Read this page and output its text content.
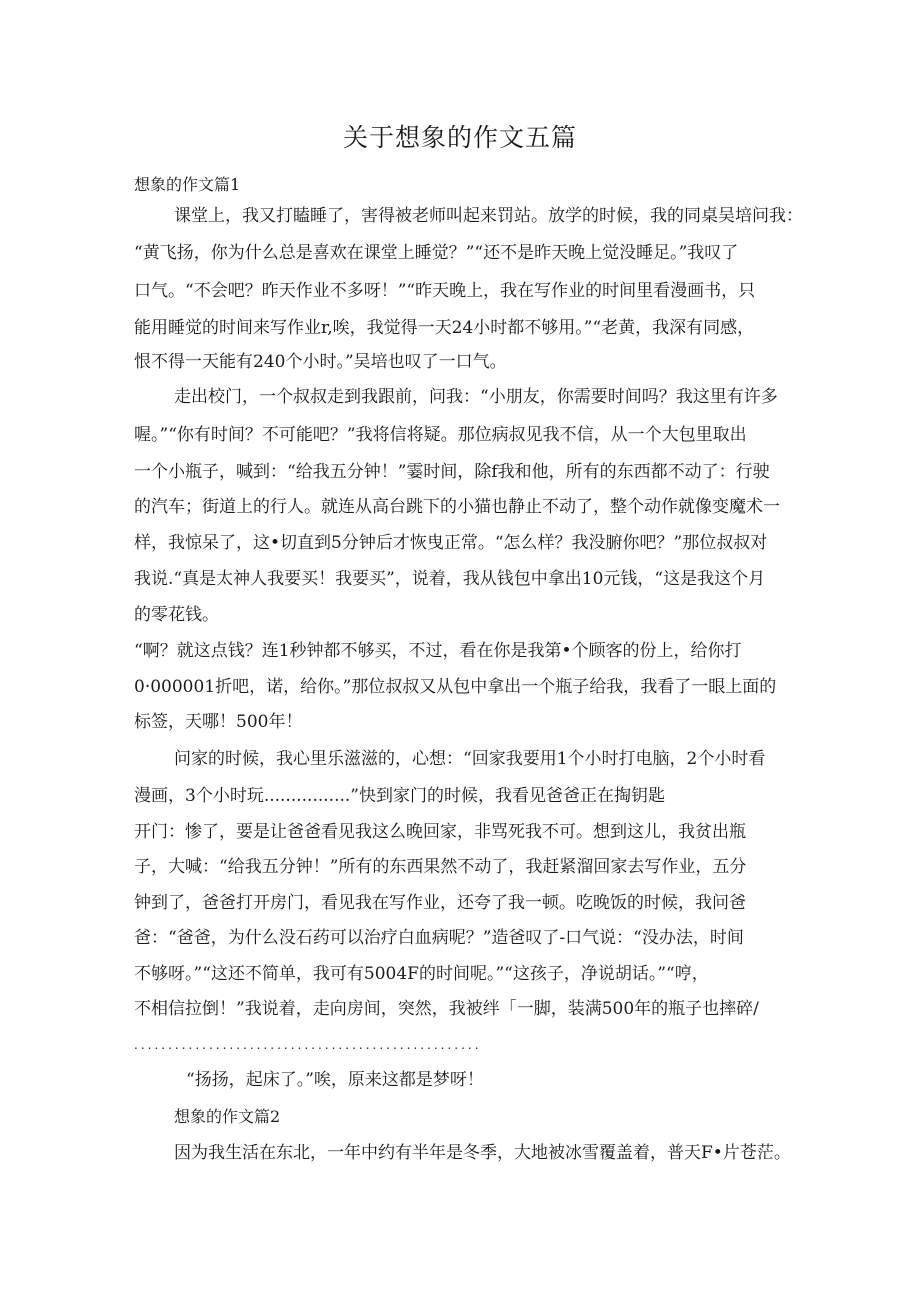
关于想象的作文五篇

想象的作文篇1

课堂上，我又打瞌睡了，害得被老师叫起来罚站。放学的时候，我的同桌吴培问我：

“黄飞扬，你为什么总是喜欢在课堂上睡觉？”“还不是昨天晚上觉没睡足。”我叹了

口气。“不会吧？昨天作业不多呀！”“昨天晚上，我在写作业的时间里看漫画书，只

能用睡觉的时间来写作业r,唉，我觉得一天24小时都不够用。”“老黄，我深有同感，

恨不得一天能有240个小时。”吴培也叹了一口气。

走出校门，一个叔叔走到我跟前，问我：“小朋友，你需要时间吗？我这里有许多

喔。”“你有时间？不可能吧？”我将信将疑。那位病叔见我不信，从一个大包里取出

一个小瓶子，喊到：“给我五分钟！”霎时间，除f我和他，所有的东西都不动了：行驶

的汽车；街道上的行人。就连从高台跳下的小猫也静止不动了，整个动作就像变魔术一

样，我惊呆了，这•切直到5分钟后才恢曳正常。“怎么样？我没腑你吧？”那位叔叔对

我说.“真是太神人我要买！我要买”，说着，我从钱包中拿出10元钱，“这是我这个月

的零花钱。

“啊？就这点钱？连1秒钟都不够买，不过，看在你是我第•个顾客的份上，给你打

0·000001折吧，诺，给你。”那位叔叔又从包中拿出一个瓶子给我，我看了一眼上面的

标签，天哪！500年！

问家的时候，我心里乐滋滋的，心想：“回家我要用1个小时打电脑，2个小时看

漫画，3个小时玩................”快到家门的时候，我看见爸爸正在掏钥匙

开门：惨了，要是让爸爸看见我这么晚回家，非骂死我不可。想到这儿，我贫出瓶

子，大喊：“给我五分钟！”所有的东西果然不动了，我赶紧溜回家去写作业，五分

钟到了，爸爸打开房门，看见我在写作业，还夸了我一顿。吃晚饭的时候，我问爸

爸：“爸爸，为什么没石药可以治疗白血病呢？”造爸叹了-口气说：“没办法，时间

不够呀。”“这还不简单，我可有5004F的时间呢。”“这孩子，净说胡话。”“哼，

不相信拉倒！”我说着，走向房间，突然，我被绊「一脚，装满500年的瓶子也摔碎/

...................................................

“扬扬，起床了。”唉，原来这都是梦呀！

想象的作文篇2

因为我生活在东北，一年中约有半年是冬季，大地被冰雪覆盖着，普天F•片苍茫。
